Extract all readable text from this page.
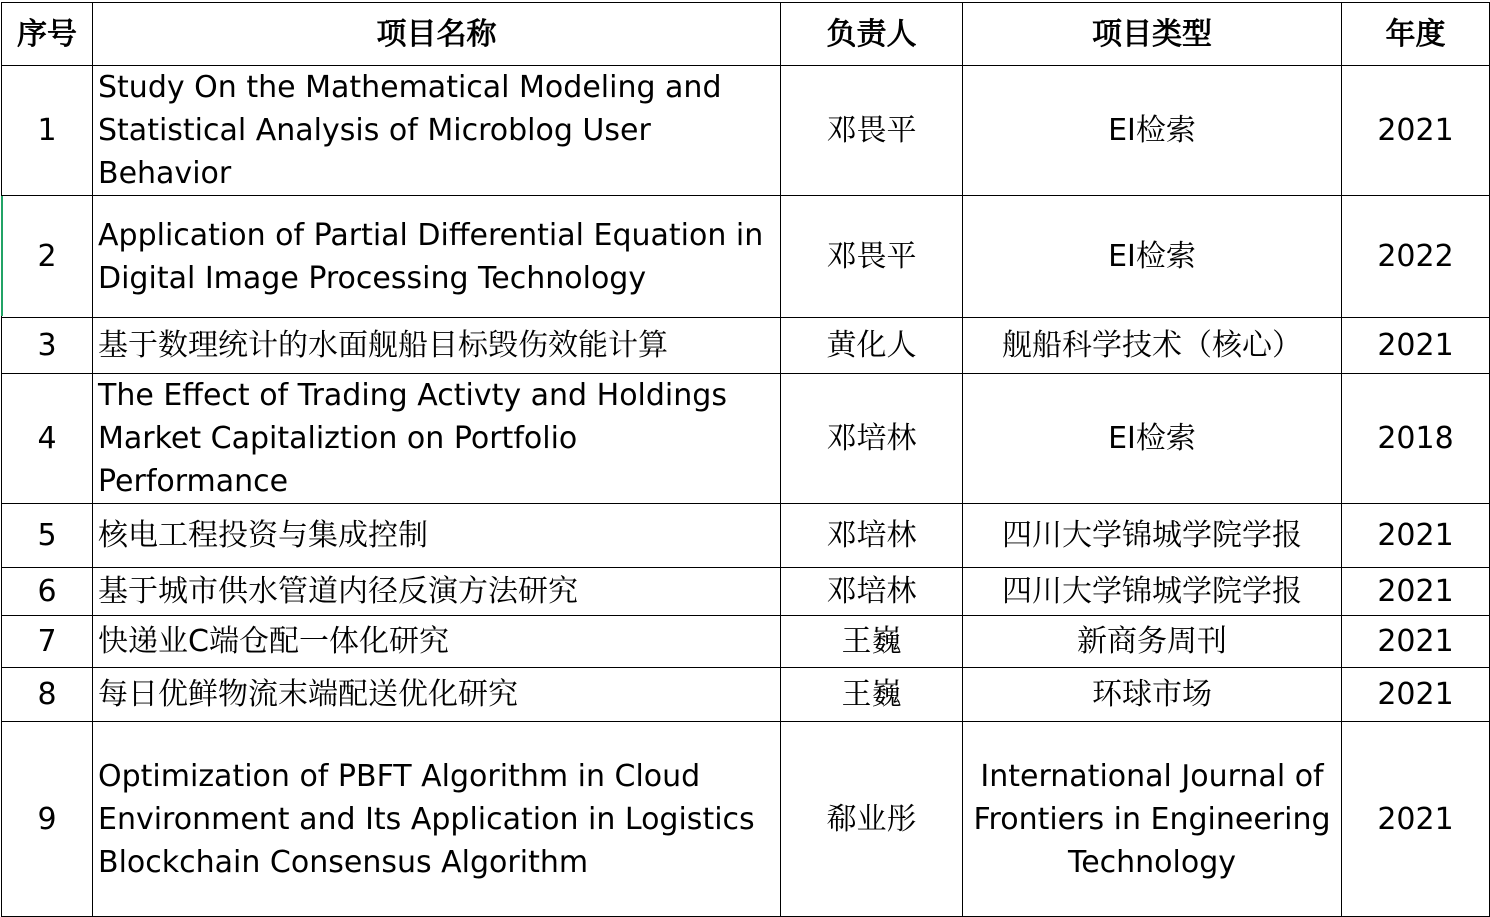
序号	项目名称	负责人	项目类型	年度
1	Study On the Mathematical Modeling and Statistical Analysis of Microblog User Behavior	邓畏平	EI检索	2021
2	Application of Partial Differential Equation in Digital Image Processing Technology	邓畏平	EI检索	2022
3	基于数理统计的水面舰船目标毁伤效能计算	黄化人	舰船科学技术（核心）	2021
4	The Effect of Trading Activty and Holdings Market Capitaliztion on Portfolio Performance	邓培林	EI检索	2018
5	核电工程投资与集成控制	邓培林	四川大学锦城学院学报	2021
6	基于城市供水管道内径反演方法研究	邓培林	四川大学锦城学院学报	2021
7	快递业C端仓配一体化研究	王巍	新商务周刊	2021
8	每日优鲜物流末端配送优化研究	王巍	环球市场	2021
9	Optimization of PBFT Algorithm in Cloud Environment and Its Application in Logistics Blockchain Consensus Algorithm	郗业彤	International Journal of Frontiers in Engineering Technology	2021
